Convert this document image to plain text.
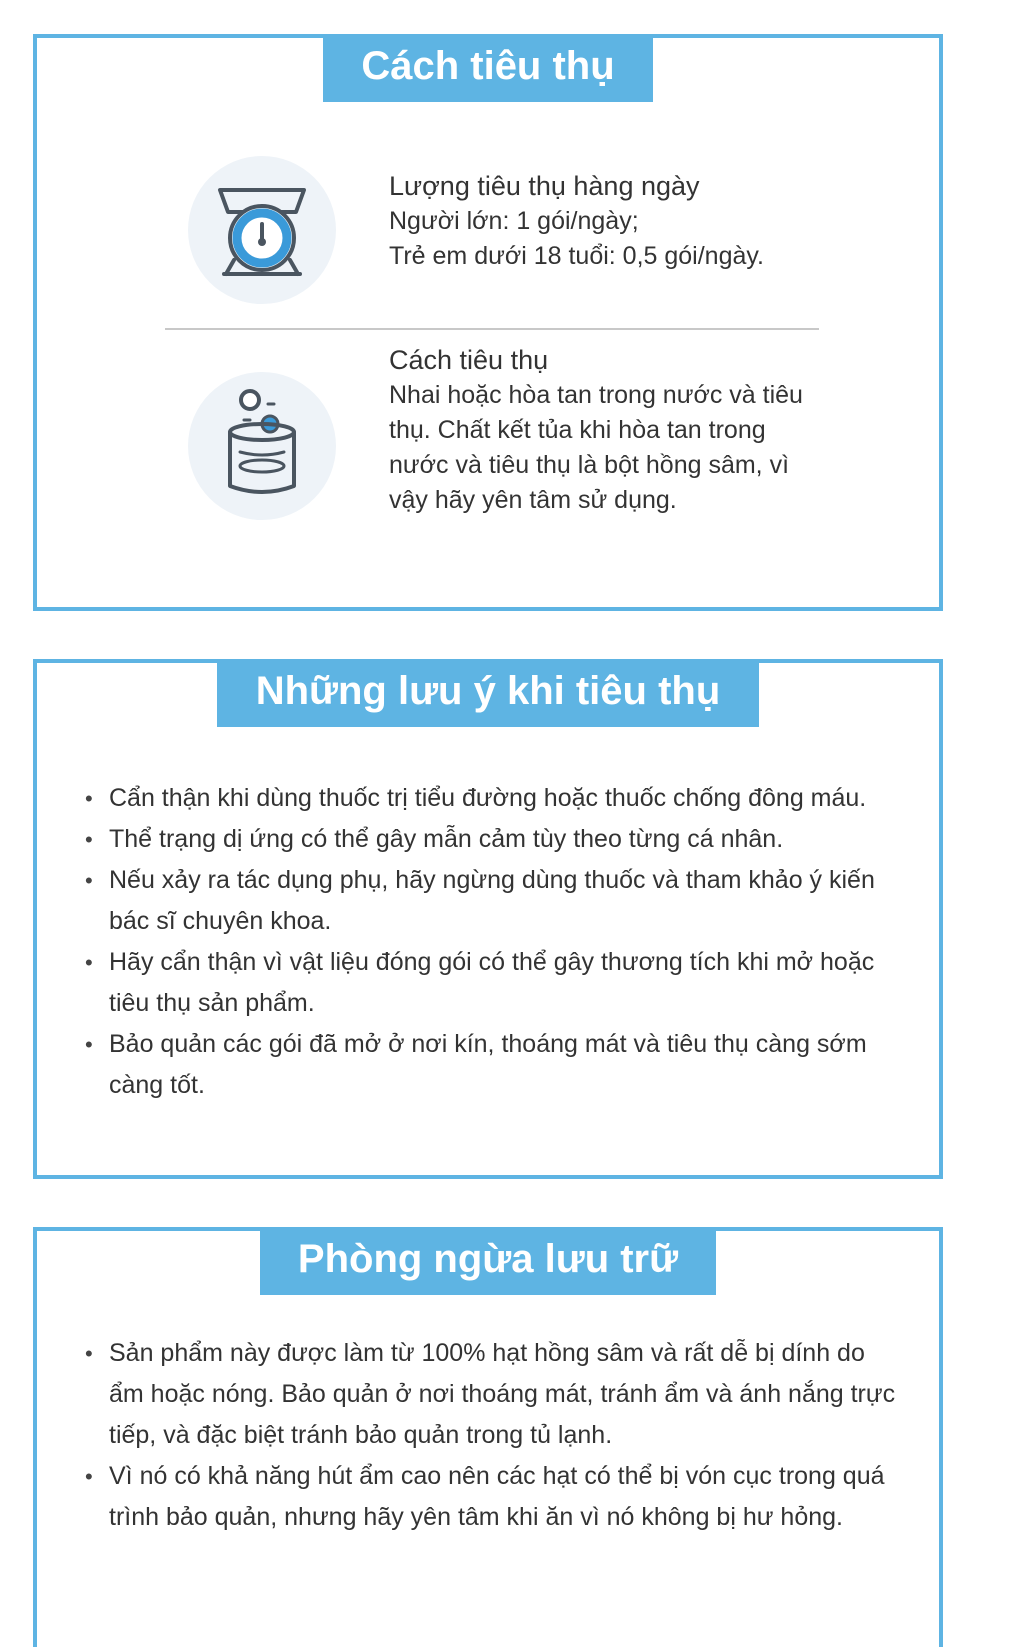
Cách tiêu thụ
Lượng tiêu thụ hàng ngày
Người lớn: 1 gói/ngày;
Trẻ em dưới 18 tuổi: 0,5 gói/ngày.
Cách tiêu thụ
Nhai hoặc hòa tan trong nước và tiêu
thụ. Chất kết tủa khi hòa tan trong
nước và tiêu thụ là bột hồng sâm, vì
vậy hãy yên tâm sử dụng.
Những lưu ý khi tiêu thụ
• Cẩn thận khi dùng thuốc trị tiểu đường hoặc thuốc chống đông máu.
• Thể trạng dị ứng có thể gây mẫn cảm tùy theo từng cá nhân.
• Nếu xảy ra tác dụng phụ, hãy ngừng dùng thuốc và tham khảo ý kiến bác sĩ chuyên khoa.
• Hãy cẩn thận vì vật liệu đóng gói có thể gây thương tích khi mở hoặc tiêu thụ sản phẩm.
• Bảo quản các gói đã mở ở nơi kín, thoáng mát và tiêu thụ càng sớm càng tốt.
Phòng ngừa lưu trữ
• Sản phẩm này được làm từ 100% hạt hồng sâm và rất dễ bị dính do ẩm hoặc nóng. Bảo quản ở nơi thoáng mát, tránh ẩm và ánh nắng trực tiếp, và đặc biệt tránh bảo quản trong tủ lạnh.
• Vì nó có khả năng hút ẩm cao nên các hạt có thể bị vón cục trong quá trình bảo quản, nhưng hãy yên tâm khi ăn vì nó không bị hư hỏng.
